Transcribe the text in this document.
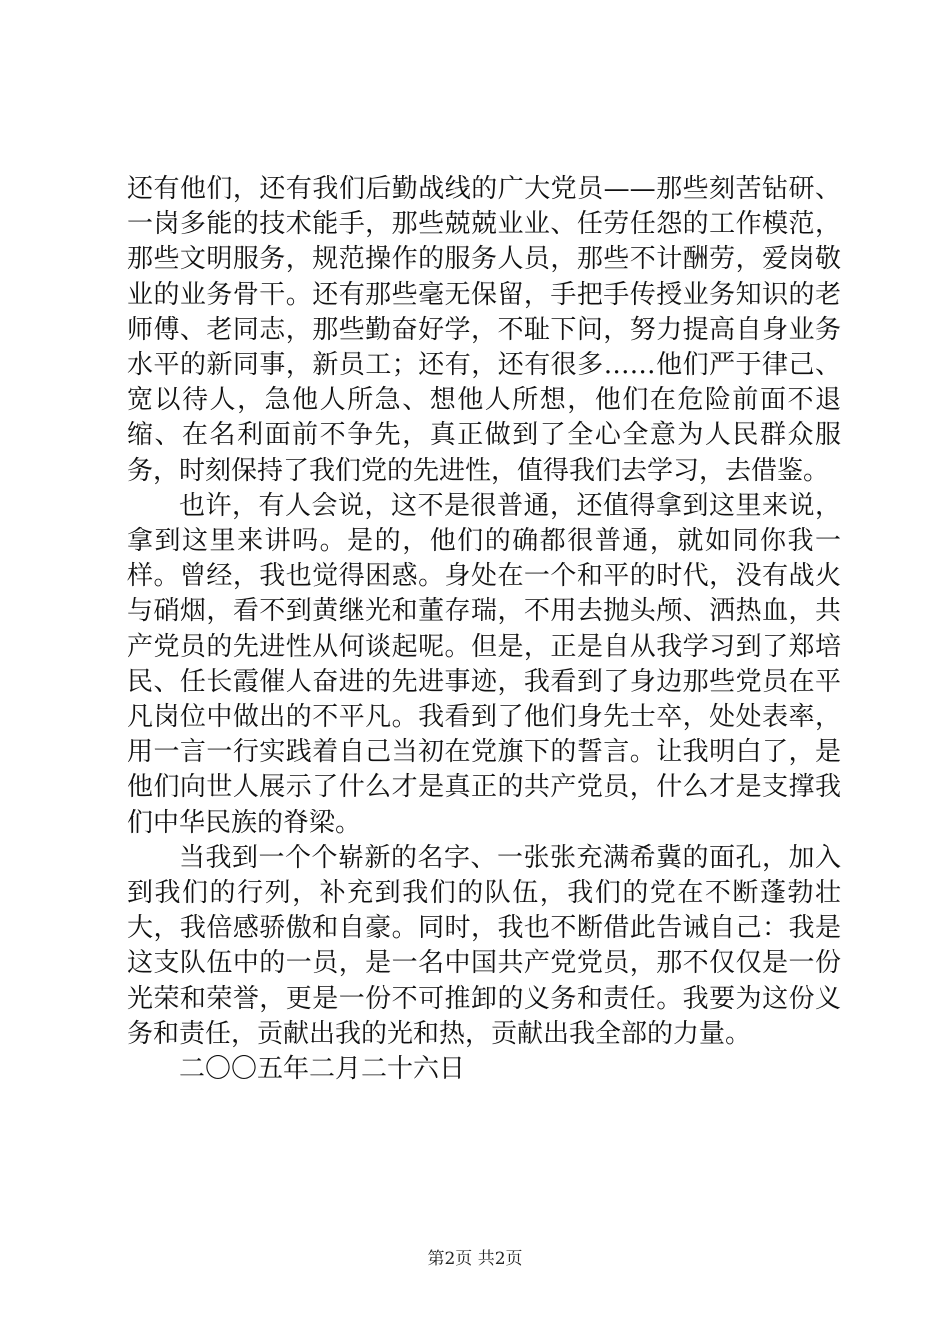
还有他们，还有我们后勤战线的广大党员——那些刻苦钻研、一岗多能的技术能手，那些兢兢业业、任劳任怨的工作模范，那些文明服务，规范操作的服务人员，那些不计酬劳，爱岗敬业的业务骨干。还有那些毫无保留，手把手传授业务知识的老师傅、老同志，那些勤奋好学，不耻下问，努力提高自身业务水平的新同事，新员工；还有，还有很多……他们严于律己、宽以待人，急他人所急、想他人所想，他们在危险前面不退缩、在名利面前不争先，真正做到了全心全意为人民群众服务，时刻保持了我们党的先进性，值得我们去学习，去借鉴。

也许，有人会说，这不是很普通，还值得拿到这里来说，拿到这里来讲吗。是的，他们的确都很普通，就如同你我一样。曾经，我也觉得困惑。身处在一个和平的时代，没有战火与硝烟，看不到黄继光和董存瑞，不用去抛头颅、洒热血，共产党员的先进性从何谈起呢。但是，正是自从我学习到了郑培民、任长霞催人奋进的先进事迹，我看到了身边那些党员在平凡岗位中做出的不平凡。我看到了他们身先士卒，处处表率，用一言一行实践着自己当初在党旗下的誓言。让我明白了，是他们向世人展示了什么才是真正的共产党员，什么才是支撑我们中华民族的脊梁。

当我到一个个崭新的名字、一张张充满希冀的面孔，加入到我们的行列，补充到我们的队伍，我们的党在不断蓬勃壮大，我倍感骄傲和自豪。同时，我也不断借此告诫自己：我是这支队伍中的一员，是一名中国共产党党员，那不仅仅是一份光荣和荣誉，更是一份不可推卸的义务和责任。我要为这份义务和责任，贡献出我的光和热，贡献出我全部的力量。

二〇〇五年二月二十六日

第2页 共2页
